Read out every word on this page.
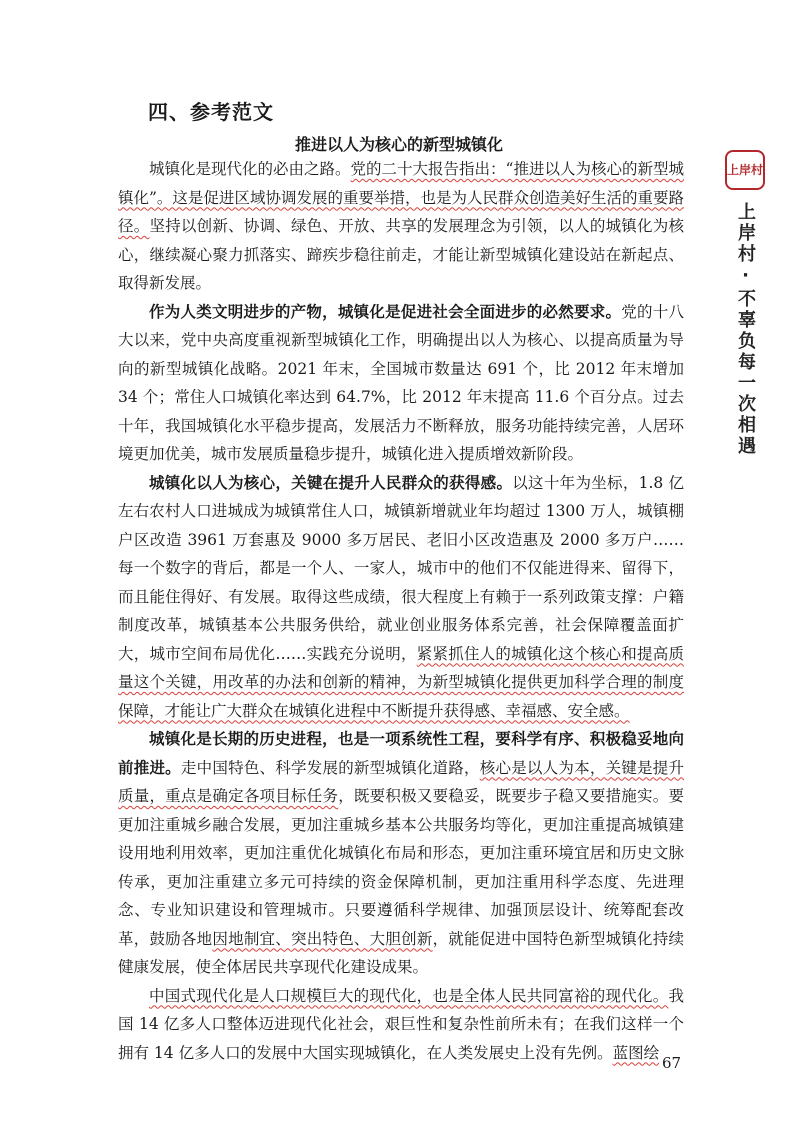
四、参考范文
推进以人为核心的新型城镇化

城镇化是现代化的必由之路。党的二十大报告指出：“推进以人为核心的新型城镇化”。这是促进区域协调发展的重要举措，也是为人民群众创造美好生活的重要路径。坚持以创新、协调、绿色、开放、共享的发展理念为引领，以人的城镇化为核心，继续凝心聚力抓落实、蹄疾步稳往前走，才能让新型城镇化建设站在新起点、取得新发展。

作为人类文明进步的产物，城镇化是促进社会全面进步的必然要求。党的十八大以来，党中央高度重视新型城镇化工作，明确提出以人为核心、以提高质量为导向的新型城镇化战略。2021 年末，全国城市数量达 691 个，比 2012 年末增加 34 个；常住人口城镇化率达到 64.7%，比 2012 年末提高 11.6 个百分点。过去十年，我国城镇化水平稳步提高，发展活力不断释放，服务功能持续完善，人居环境更加优美，城市发展质量稳步提升，城镇化进入提质增效新阶段。

城镇化以人为核心，关键在提升人民群众的获得感。以这十年为坐标，1.8 亿左右农村人口进城成为城镇常住人口，城镇新增就业年均超过 1300 万人，城镇棚户区改造 3961 万套惠及 9000 多万居民、老旧小区改造惠及 2000 多万户……每一个数字的背后，都是一个人、一家人，城市中的他们不仅能进得来、留得下，而且能住得好、有发展。取得这些成绩，很大程度上有赖于一系列政策支撑：户籍制度改革，城镇基本公共服务供给，就业创业服务体系完善，社会保障覆盖面扩大，城市空间布局优化……实践充分说明，紧紧抓住人的城镇化这个核心和提高质量这个关键，用改革的办法和创新的精神，为新型城镇化提供更加科学合理的制度保障，才能让广大群众在城镇化进程中不断提升获得感、幸福感、安全感。

城镇化是长期的历史进程，也是一项系统性工程，要科学有序、积极稳妥地向前推进。走中国特色、科学发展的新型城镇化道路，核心是以人为本，关键是提升质量，重点是确定各项目标任务，既要积极又要稳妥，既要步子稳又要措施实。要更加注重城乡融合发展，更加注重城乡基本公共服务均等化，更加注重提高城镇建设用地利用效率，更加注重优化城镇化布局和形态，更加注重环境宜居和历史文脉传承，更加注重建立多元可持续的资金保障机制，更加注重用科学态度、先进理念、专业知识建设和管理城市。只要遵循科学规律、加强顶层设计、统筹配套改革，鼓励各地因地制宜、突出特色、大胆创新，就能促进中国特色新型城镇化持续健康发展，使全体居民共享现代化建设成果。

中国式现代化是人口规模巨大的现代化，也是全体人民共同富裕的现代化。我国 14 亿多人口整体迈进现代化社会，艰巨性和复杂性前所未有；在我们这样一个拥有 14 亿多人口的发展中大国实现城镇化，在人类发展史上没有先例。蓝图绘

67
上岸村
上岸村·不辜负每一次相遇
